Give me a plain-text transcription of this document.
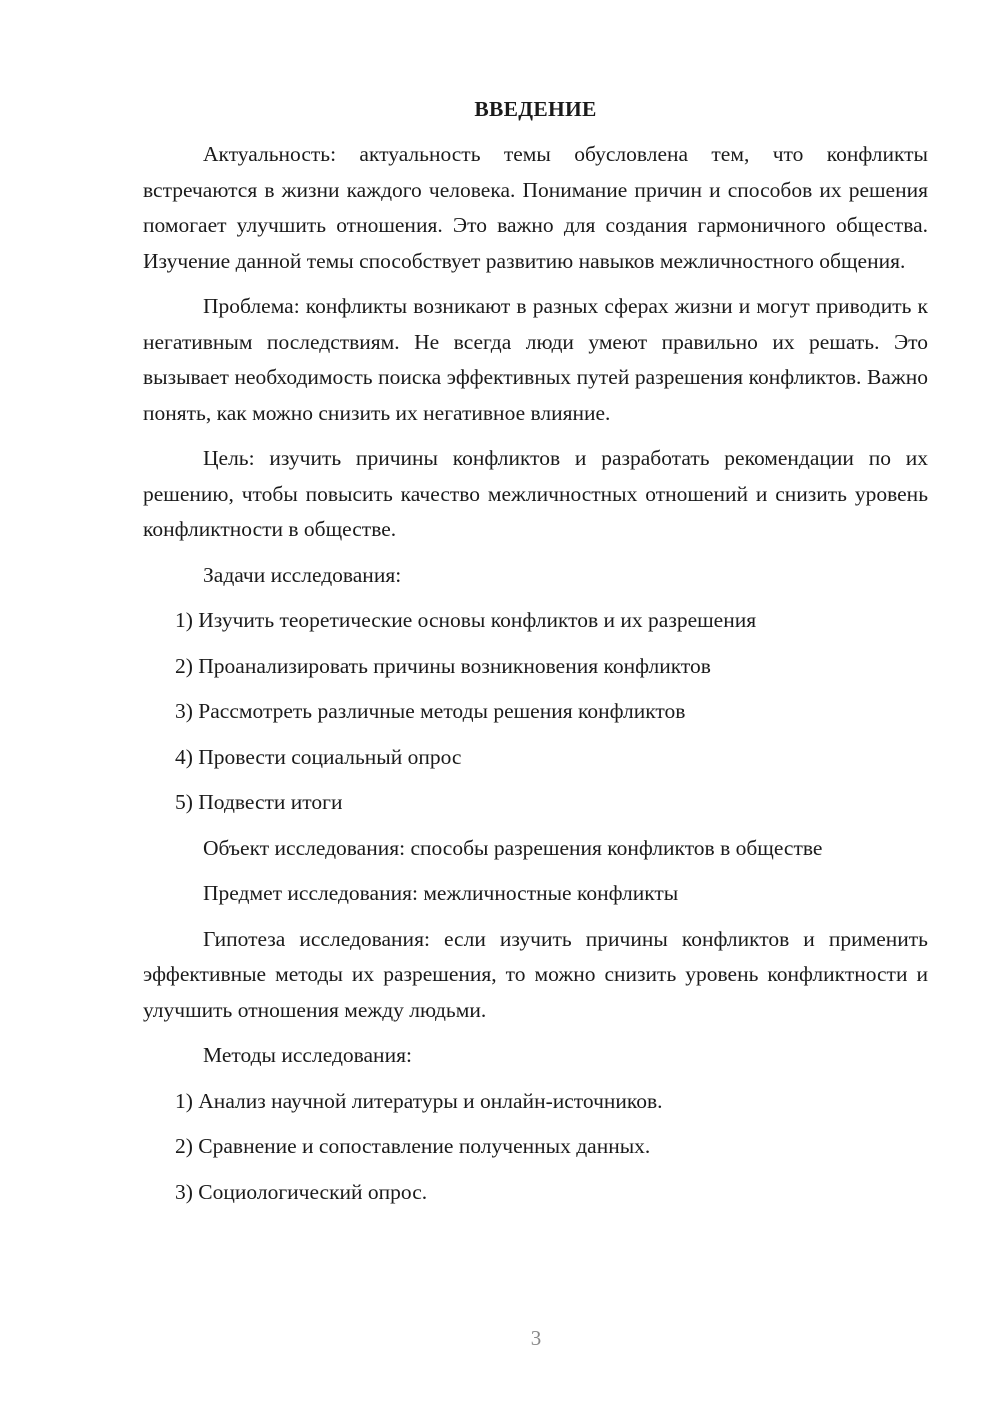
ВВЕДЕНИЕ
Актуальность: актуальность темы обусловлена тем, что конфликты встречаются в жизни каждого человека. Понимание причин и способов их решения помогает улучшить отношения. Это важно для создания гармоничного общества. Изучение данной темы способствует развитию навыков межличностного общения.
Проблема: конфликты возникают в разных сферах жизни и могут приводить к негативным последствиям. Не всегда люди умеют правильно их решать. Это вызывает необходимость поиска эффективных путей разрешения конфликтов. Важно понять, как можно снизить их негативное влияние.
Цель: изучить причины конфликтов и разработать рекомендации по их решению, чтобы повысить качество межличностных отношений и снизить уровень конфликтности в обществе.
Задачи исследования:
1) Изучить теоретические основы конфликтов и их разрешения
2) Проанализировать причины возникновения конфликтов
3) Рассмотреть различные методы решения конфликтов
4) Провести социальный опрос
5) Подвести итоги
Объект исследования: способы разрешения конфликтов в обществе
Предмет исследования: межличностные конфликты
Гипотеза исследования: если изучить причины конфликтов и применить эффективные методы их разрешения, то можно снизить уровень конфликтности и улучшить отношения между людьми.
Методы исследования:
1) Анализ научной литературы и онлайн-источников.
2) Сравнение и сопоставление полученных данных.
3) Социологический опрос.
3
